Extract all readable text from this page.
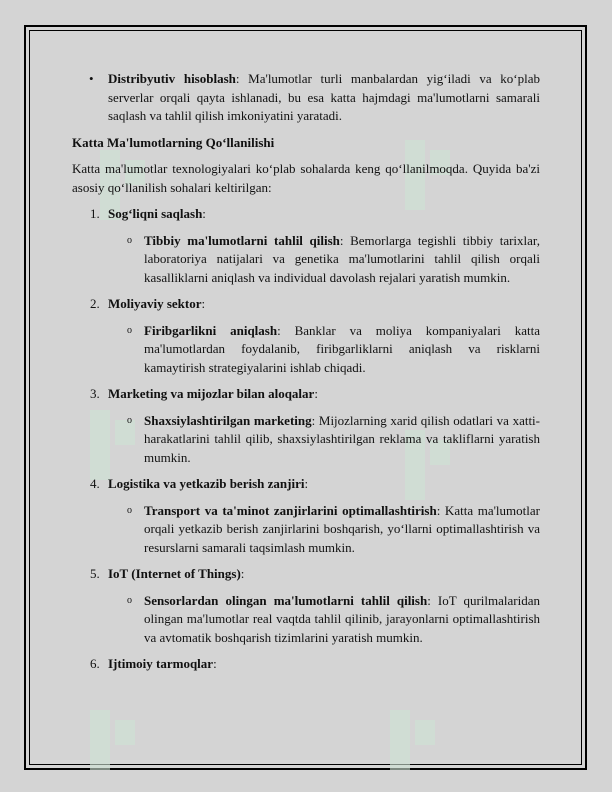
• Distribyutiv hisoblash: Ma'lumotlar turli manbalardan yig‘iladi va ko‘plab serverlar orqali qayta ishlanadi, bu esa katta hajmdagi ma'lumotlarni samarali saqlash va tahlil qilish imkoniyatini yaratadi.

Katta Ma'lumotlarning Qo‘llanilishi

Katta ma'lumotlar texnologiyalari ko‘plab sohalarda keng qo‘llanilmoqda. Quyida ba'zi asosiy qo‘llanilish sohalari keltirilgan:

1. Sog‘liqni saqlash:
o Tibbiy ma'lumotlarni tahlil qilish: Bemorlarga tegishli tibbiy tarixlar, laboratoriya natijalari va genetika ma'lumotlarini tahlil qilish orqali kasalliklarni aniqlash va individual davolash rejalari yaratish mumkin.
2. Moliyaviy sektor:
o Firibgarlikni aniqlash: Banklar va moliya kompaniyalari katta ma'lumotlardan foydalanib, firibgarliklarni aniqlash va risklarni kamaytirish strategiyalarini ishlab chiqadi.
3. Marketing va mijozlar bilan aloqalar:
o Shaxsiylashtirilgan marketing: Mijozlarning xarid qilish odatlari va xatti-harakatlarini tahlil qilib, shaxsiylashtirilgan reklama va takliflarni yaratish mumkin.
4. Logistika va yetkazib berish zanjiri:
o Transport va ta'minot zanjirlarini optimallashtirish: Katta ma'lumotlar orqali yetkazib berish zanjirlarini boshqarish, yo‘llarni optimallashtirish va resurslarni samarali taqsimlash mumkin.
5. IoT (Internet of Things):
o Sensorlardan olingan ma'lumotlarni tahlil qilish: IoT qurilmalaridan olingan ma'lumotlar real vaqtda tahlil qilinib, jarayonlarni optimallashtirish va avtomatik boshqarish tizimlarini yaratish mumkin.
6. Ijtimoiy tarmoqlar:
